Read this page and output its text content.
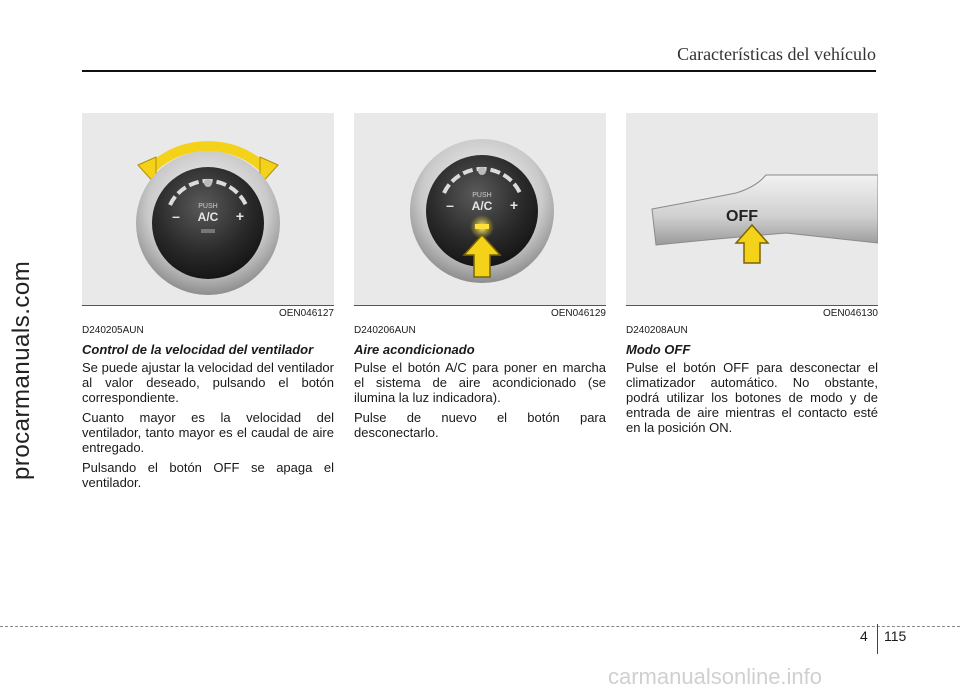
Características del vehículo
procarmanuals.com
PUSH
A/C
–	+
OEN046127
D240205AUN
Control de la velocidad del ventilador

Se puede ajustar la velocidad del ventilador al valor deseado, pulsando el botón correspondiente.

Cuanto mayor es la velocidad del ventilador, tanto mayor es el caudal de aire entregado.

Pulsando el botón OFF se apaga el ventilador.

PUSH
A/C
–	+
OEN046129
D240206AUN
Aire acondicionado

Pulse el botón A/C para poner en marcha el sistema de aire acondicionado (se ilumina la luz indicadora).

Pulse de nuevo el botón para desconectarlo.

OFF
OEN046130
D240208AUN
Modo OFF

Pulse el botón OFF para desconectar el climatizador automático. No obstante, podrá utilizar los botones de modo y de entrada de aire mientras el contacto esté en la posición ON.

4 115
carmanualsonline.info
